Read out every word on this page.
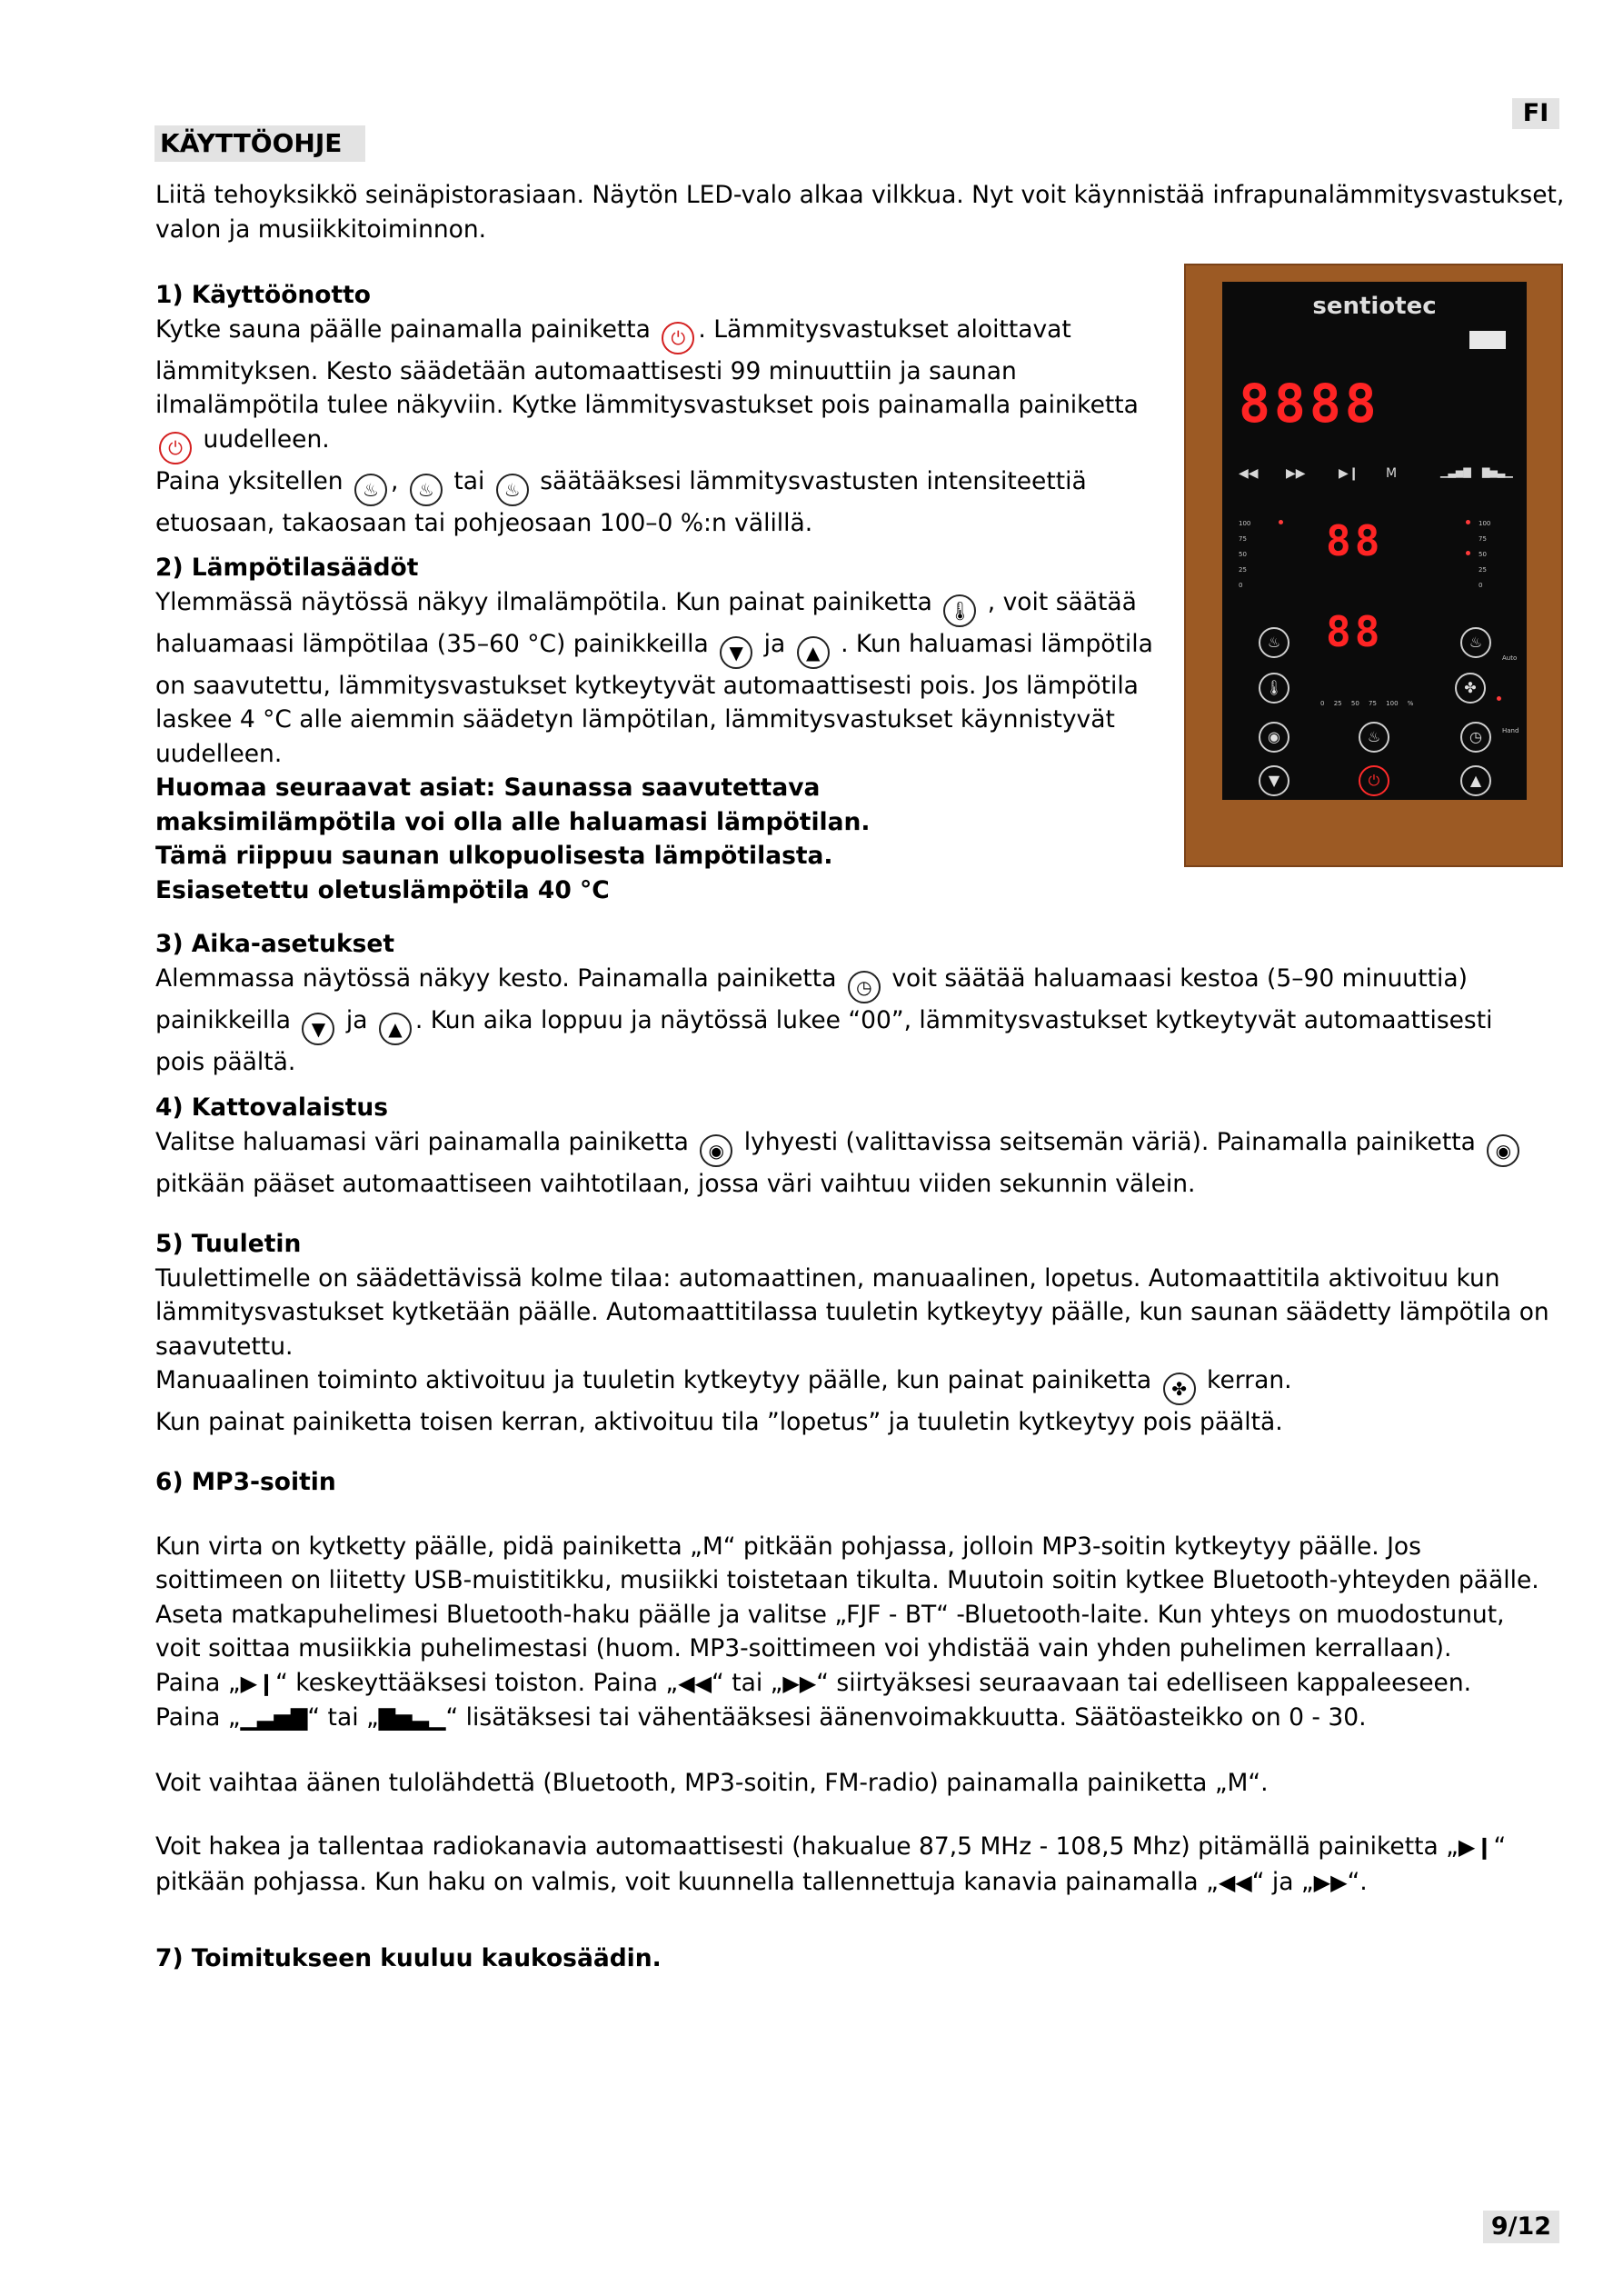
FI
KÄYTTÖOHJE

Liitä tehoyksikkö seinäpistorasiaan. Näytön LED-valo alkaa vilkkua. Nyt voit käynnistää infrapunalämmitysvastukset,

valon ja musiikkitoiminnon.

1) Käyttöönotto

Kytke sauna päälle painamalla painiketta ⏻ . Lämmitysvastukset aloittavat

lämmityksen. Kesto säädetään automaattisesti 99 minuuttiin ja saunan

ilmalämpötila tulee näkyviin. Kytke lämmitysvastukset pois painamalla painiketta

⏻ uudelleen.

Paina yksitellen ♨ , ♨ tai ♨ säätääksesi lämmitysvastusten intensiteettiä

etuosaan, takaosaan tai pohjeosaan 100–0 %:n välillä.

2) Lämpötilasäädöt

Ylemmässä näytössä näkyy ilmalämpötila. Kun painat painiketta 🌡 , voit säätää

haluamaasi lämpötilaa (35–60 °C) painikkeilla ▼ ja ▲ . Kun haluamasi lämpötila

on saavutettu, lämmitysvastukset kytkeytyvät automaattisesti pois. Jos lämpötila

laskee 4 °C alle aiemmin säädetyn lämpötilan, lämmitysvastukset käynnistyvät

uudelleen.

Huomaa seuraavat asiat: Saunassa saavutettava

maksimilämpötila voi olla alle haluamasi lämpötilan.

Tämä riippuu saunan ulkopuolisesta lämpötilasta.

Esiasetettu oletuslämpötila 40 °C

3) Aika-asetukset

Alemmassa näytössä näkyy kesto. Painamalla painiketta ◷ voit säätää haluamaasi kestoa (5–90 minuuttia)

painikkeilla ▼ ja ▲ . Kun aika loppuu ja näytössä lukee “00”, lämmitysvastukset kytkeytyvät automaattisesti

pois päältä.

4) Kattovalaistus

Valitse haluamasi väri painamalla painiketta ◉ lyhyesti (valittavissa seitsemän väriä). Painamalla painiketta ◉

pitkään pääset automaattiseen vaihtotilaan, jossa väri vaihtuu viiden sekunnin välein.

5) Tuuletin

Tuulettimelle on säädettävissä kolme tilaa: automaattinen, manuaalinen, lopetus. Automaattitila aktivoituu kun

lämmitysvastukset kytketään päälle. Automaattitilassa tuuletin kytkeytyy päälle, kun saunan säädetty lämpötila on

saavutettu.

Manuaalinen toiminto aktivoituu ja tuuletin kytkeytyy päälle, kun painat painiketta ✤ kerran.

Kun painat painiketta toisen kerran, aktivoituu tila ”lopetus” ja tuuletin kytkeytyy pois päältä.

6) MP3-soitin

Kun virta on kytketty päälle, pidä painiketta „M“ pitkään pohjassa, jolloin MP3-soitin kytkeytyy päälle. Jos

soittimeen on liitetty USB-muistitikku, musiikki toistetaan tikulta. Muutoin soitin kytkee Bluetooth-yhteyden päälle.

Aseta matkapuhelimesi Bluetooth-haku päälle ja valitse „FJF - BT“ -Bluetooth-laite. Kun yhteys on muodostunut,

voit soittaa musiikkia puhelimestasi (huom. MP3-soittimeen voi yhdistää vain yhden puhelimen kerrallaan).

Paina „▶❙“ keskeyttääksesi toiston. Paina „◀◀“ tai „▶▶“ siirtyäksesi seuraavaan tai edelliseen kappaleeseen.

Paina „▁▃▅▇“ tai „▇▅▃▁“ lisätäksesi tai vähentääksesi äänenvoimakkuutta. Säätöasteikko on 0 - 30.

Voit vaihtaa äänen tulolähdettä (Bluetooth, MP3-soitin, FM-radio) painamalla painiketta „M“.

Voit hakea ja tallentaa radiokanavia automaattisesti (hakualue 87,5 MHz - 108,5 Mhz) pitämällä painiketta „▶❙“

pitkään pohjassa. Kun haku on valmis, voit kuunnella tallennettuja kanavia painamalla „◀◀“ ja „▶▶“.

7) Toimitukseen kuuluu kaukosäädin.

sentiotec
8888
◀◀ ▶▶	▶❙ M	▁▃▅▇ ▇▅▃▁
88
88
100
75
50
25
0
100
75
50
25
0
♨	♨
Auto
🌡	✤
0 25 50 75 100 %
Hand
◉	♨	◷
▼	⏻	▲
9/12
